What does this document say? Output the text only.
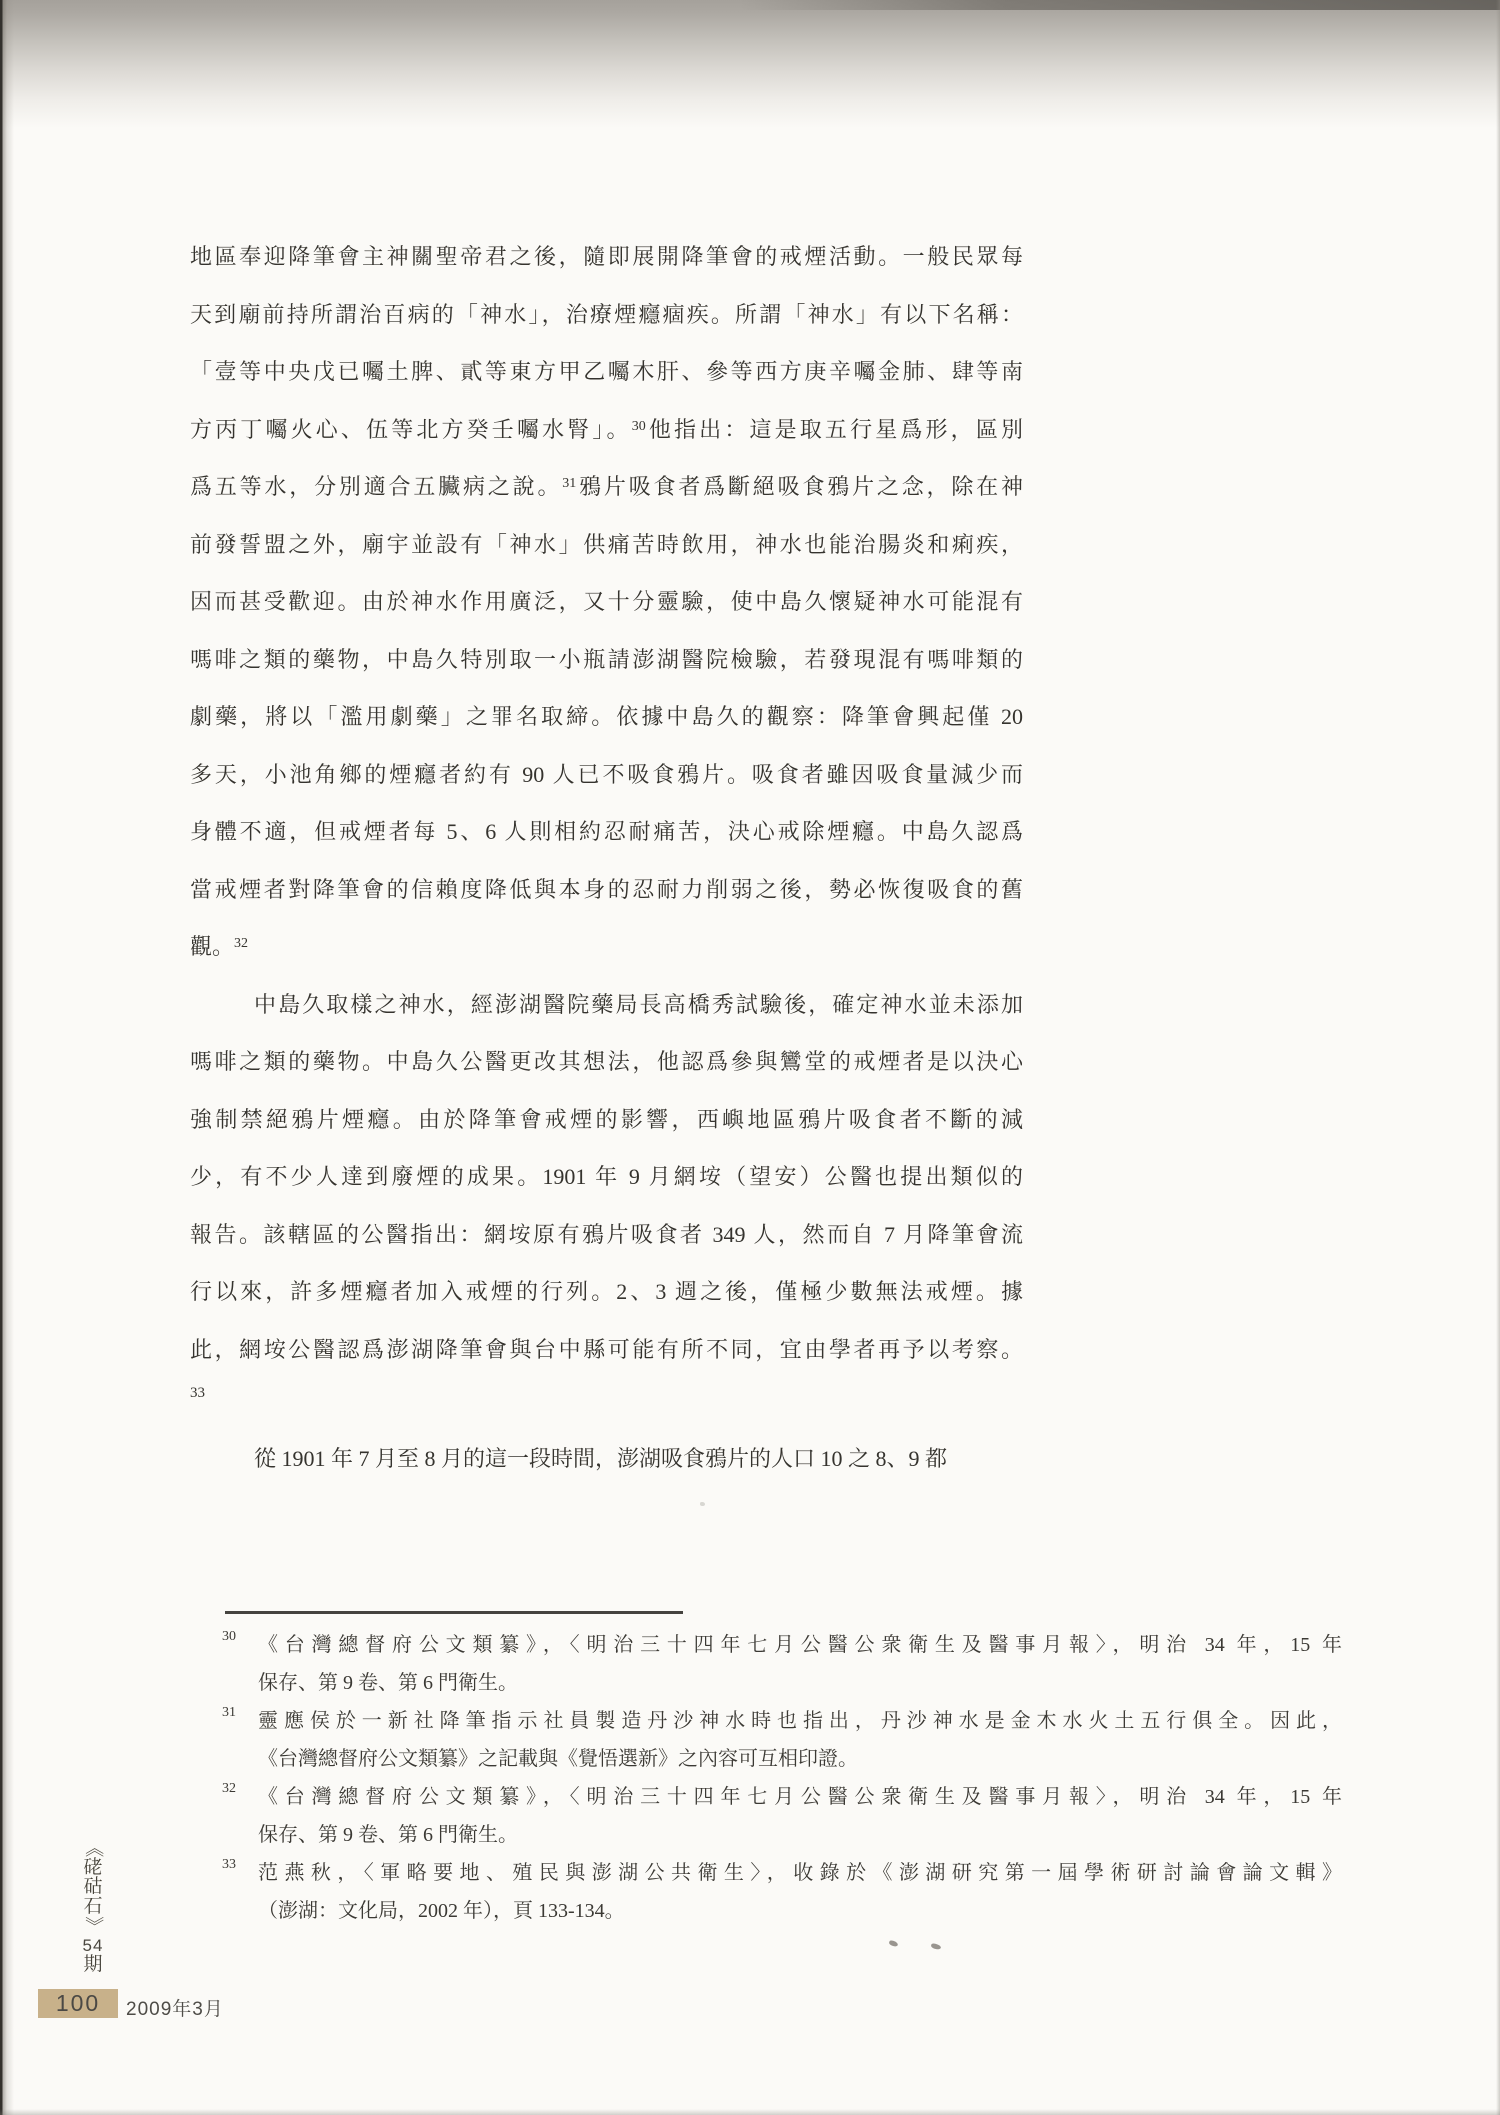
地區奉迎降筆會主神關聖帝君之後，隨即展開降筆會的戒煙活動。一般民眾每
天到廟前持所謂治百病的「神水」，治療煙癮痼疾。所謂「神水」有以下名稱：
「壹等中央戊已囑土脾、貳等東方甲乙囑木肝、參等西方庚辛囑金肺、肆等南
方丙丁囑火心、伍等北方癸壬囑水腎」。$^{30}$他指出：這是取五行星爲形，區別
爲五等水，分別適合五臟病之說。$^{31}$鴉片吸食者爲斷絕吸食鴉片之念，除在神
前發誓盟之外，廟宇並設有「神水」供痛苦時飲用，神水也能治腸炎和痢疾，
因而甚受歡迎。由於神水作用廣泛，又十分靈驗，使中島久懷疑神水可能混有
嗎啡之類的藥物，中島久特別取一小瓶請澎湖醫院檢驗，若發現混有嗎啡類的
劇藥，將以「濫用劇藥」之罪名取締。依據中島久的觀察：降筆會興起僅 20
多天，小池角鄉的煙癮者約有 90 人已不吸食鴉片。吸食者雖因吸食量減少而
身體不適，但戒煙者每 5、6 人則相約忍耐痛苦，決心戒除煙癮。中島久認爲
當戒煙者對降筆會的信賴度降低與本身的忍耐力削弱之後，勢必恢復吸食的舊
觀。$^{32}$
中島久取樣之神水，經澎湖醫院藥局長高橋秀試驗後，確定神水並未添加
嗎啡之類的藥物。中島久公醫更改其想法，他認爲參與鸞堂的戒煙者是以決心
強制禁絕鴉片煙癮。由於降筆會戒煙的影響，西嶼地區鴉片吸食者不斷的減
少，有不少人達到廢煙的成果。1901 年 9 月網垵（望安）公醫也提出類似的
報告。該轄區的公醫指出：網垵原有鴉片吸食者 349 人，然而自 7 月降筆會流
行以來，許多煙癮者加入戒煙的行列。2、3 週之後，僅極少數無法戒煙。據
此，網垵公醫認爲澎湖降筆會與台中縣可能有所不同，宜由學者再予以考察。
33
從 1901 年 7 月至 8 月的這一段時間，澎湖吸食鴉片的人口 10 之 8、9 都
30 《台灣總督府公文類纂》，〈明治三十四年七月公醫公衆衛生及醫事月報〉，明治 34 年，15 年
保存、第 9 卷、第 6 門衛生。
31 靈應侯於一新社降筆指示社員製造丹沙神水時也指出，丹沙神水是金木水火土五行俱全。因此，
《台灣總督府公文類纂》之記載與《覺悟選新》之內容可互相印證。
32 《台灣總督府公文類纂》，〈明治三十四年七月公醫公衆衛生及醫事月報〉，明治 34 年，15 年
保存、第 9 卷、第 6 門衛生。
33 范燕秋，〈軍略要地、殖民與澎湖公共衛生〉，收錄於《澎湖研究第一屆學術研討論會論文輯》
（澎湖：文化局，2002 年），頁 133-134。
《
硓
𥑮
石
》
54
期
100 2009年3月
